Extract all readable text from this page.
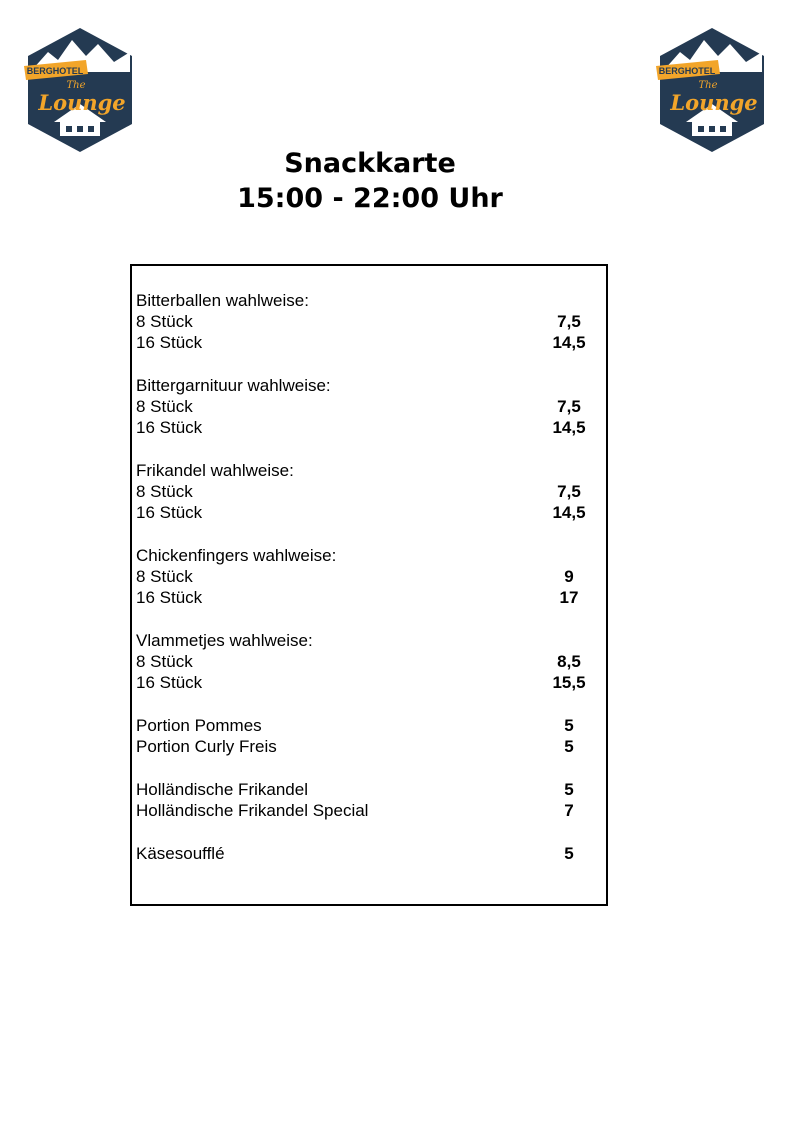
BERGHOTEL
The
Lounge
BERGHOTEL
The
Lounge
Snackkarte
15:00 - 22:00 Uhr
Bitterballen wahlweise:
8 Stück	7,5
16 Stück	14,5
Bittergarnituur wahlweise:
8 Stück	7,5
16 Stück	14,5
Frikandel wahlweise:
8 Stück	7,5
16 Stück	14,5
Chickenfingers wahlweise:
8 Stück	9
16 Stück	17
Vlammetjes wahlweise:
8 Stück	8,5
16 Stück	15,5
Portion Pommes	5
Portion Curly Freis	5
Holländische Frikandel	5
Holländische Frikandel Special	7
Käsesoufflé	5
